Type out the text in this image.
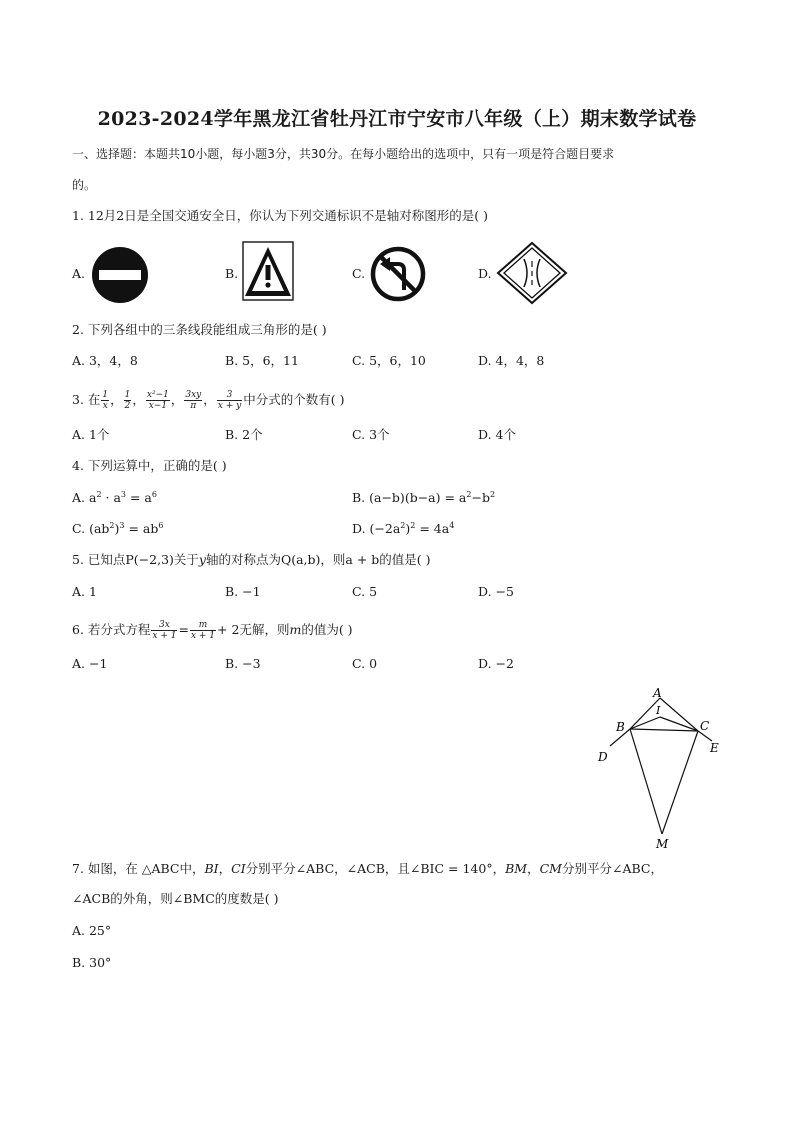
2023-2024学年黑龙江省牡丹江市宁安市八年级（上）期末数学试卷
一、选择题：本题共10小题，每小题3分，共30分。在每小题给出的选项中，只有一项是符合题目要求
的。
1. 12月2日是全国交通安全日，你认为下列交通标识不是轴对称图形的是( )
A.	B.	C.	D.
2. 下列各组中的三条线段能组成三角形的是( )
A. 3，4，8	B. 5，6，11	C. 5，6，10	D. 4，4，8
3. 在 $\frac{1}{x}$ ， $\frac{1}{2}$ ， $\frac{\text{x²−1}}{x-1}$ ， $\frac{3xy}{\pi}$ ， $\frac{3}{x + y}$ 中分式的个数有( )
A. 1个	B. 2个	C. 3个	D. 4个
4. 下列运算中，正确的是( )
A. $a^2 \cdot a^3 = a^6$	B. $(a-b)(b-a) = a^2-b^2$
C. $(ab^2)^3 = ab^6$	D. $(-2a^2)^2 = 4a^4$
5. 已知点P(−2,3)关于y轴的对称点为Q(a,b)，则a + b的值是( )
A. 1	B. −1	C. 5	D. −5
6. 若分式方程 $\frac{3x}{x + 1} = \frac{m}{x + 1} + 2$无解，则m的值为( )
A. −1	B. −3	C. 0	D. −2
A
I
B	C
D
E
M
7. 如图，在 △ABC中，BI，CI分别平分∠ABC，∠ACB，且∠BIC = 140°，BM，CM分别平分∠ABC，
∠ACB的外角，则∠BMC的度数是( )
A. 25°
B. 30°
